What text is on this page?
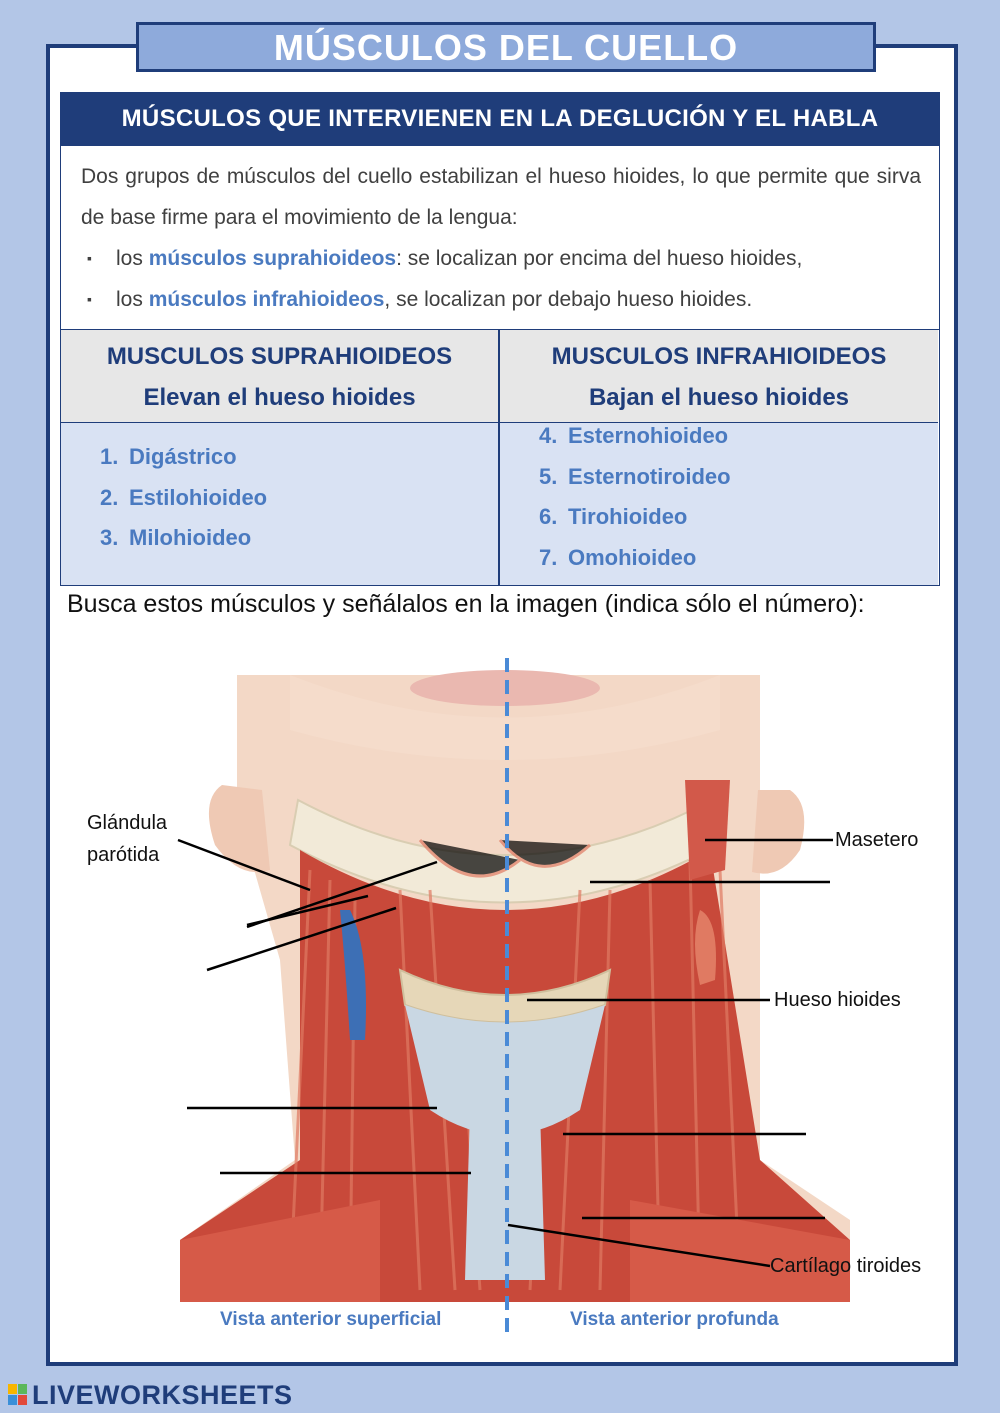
MÚSCULOS DEL CUELLO
MÚSCULOS QUE INTERVIENEN EN LA DEGLUCIÓN Y EL HABLA

Dos grupos de músculos del cuello estabilizan el hueso hioides, lo que permite que sirva de base firme para el movimiento de la lengua:

▪ los músculos suprahioideos: se localizan por encima del hueso hioides,
▪ los músculos infrahioideos, se localizan por debajo hueso hioides.
MUSCULOS SUPRAHIOIDEOS
Elevan el hueso hioides
1. Digástrico
2. Estilohioideo
3. Milohioideo
MUSCULOS INFRAHIOIDEOS
Bajan el hueso hioides
4. Esternohioideo
5. Esternotiroideo
6. Tirohioideo
7. Omohioideo
Busca estos músculos y señálalos en la imagen (indica sólo el número):
Glándula
parótida
Masetero
Hueso hioides
Cartílago tiroides
Vista anterior superficial	Vista anterior profunda
LIVEWORKSHEETS
